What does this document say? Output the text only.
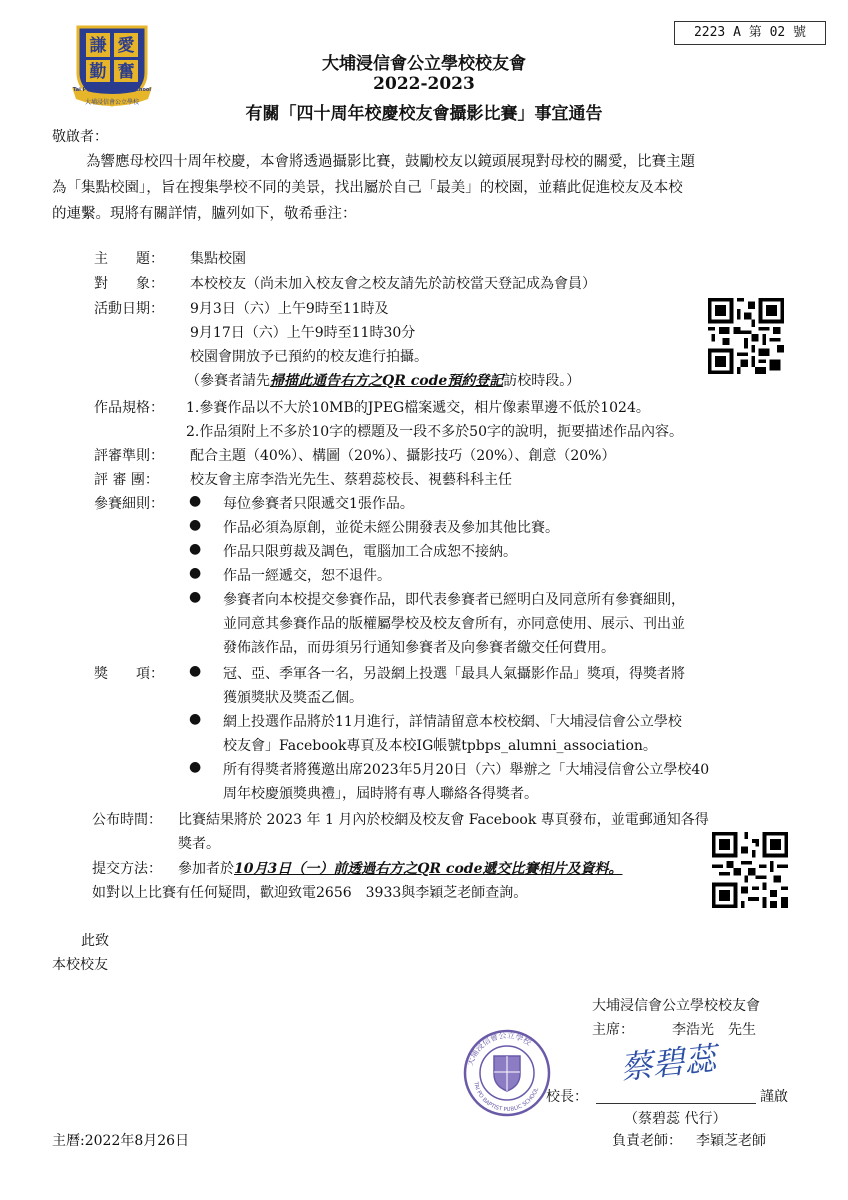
2223 A 第 02 號
謙 愛
勤 奮
Tai Po Baptist Public School
大埔浸信會公立學校
大埔浸信會公立學校校友會
2022-2023
有關「四十周年校慶校友會攝影比賽」事宜通告
敬啟者：
為響應母校四十周年校慶，本會將透過攝影比賽，鼓勵校友以鏡頭展現對母校的關愛，比賽主題
為「集點校園」，旨在搜集學校不同的美景，找出屬於自己「最美」的校園，並藉此促進校友及本校
的連繫。現將有關詳情，臚列如下，敬希垂注：
主　　題： 集點校園
對　　象： 本校校友（尚未加入校友會之校友請先於訪校當天登記成為會員）
活動日期： 9月3日（六）上午9時至11時及
9月17日（六）上午9時至11時30分
校園會開放予已預約的校友進行拍攝。
（參賽者請先掃描此通告右方之QR code預約登記訪校時段。）
作品規格： 1.參賽作品以不大於10MB的JPEG檔案遞交，相片像素單邊不低於1024。
2.作品須附上不多於10字的標題及一段不多於50字的說明，扼要描述作品內容。
評審準則： 配合主題（40%）、構圖（20%）、攝影技巧（20%）、創意（20%）
評 審 團： 校友會主席李浩光先生、蔡碧蕊校長、視藝科科主任
參賽細則： ● 每位參賽者只限遞交1張作品。
● 作品必須為原創，並從未經公開發表及參加其他比賽。
● 作品只限剪裁及調色，電腦加工合成恕不接納。
● 作品一經遞交，恕不退件。
● 參賽者向本校提交參賽作品，即代表參賽者已經明白及同意所有參賽細則，
並同意其參賽作品的版權屬學校及校友會所有，亦同意使用、展示、刊出並
發佈該作品，而毋須另行通知參賽者及向參賽者繳交任何費用。
獎　　項： ● 冠、亞、季軍各一名，另設網上投選「最具人氣攝影作品」獎項，得獎者將
獲頒獎狀及獎盃乙個。
● 網上投選作品將於11月進行，詳情請留意本校校網、「大埔浸信會公立學校
校友會」Facebook專頁及本校IG帳號tpbps_alumni_association。
● 所有得獎者將獲邀出席2023年5月20日（六）舉辦之「大埔浸信會公立學校40
周年校慶頒獎典禮」，屆時將有專人聯絡各得獎者。
公布時間： 比賽結果將於 2023 年 1 月內於校網及校友會 Facebook 專頁發布，並電郵通知各得
獎者。
提交方法： 參加者於10月3日（一）前透過右方之QR code遞交比賽相片及資料。
如對以上比賽有任何疑問，歡迎致電2656　3933與李穎芝老師查詢。
此致
本校校友
大埔浸信會公立學校校友會
主席：	李浩光　先生
大埔浸信會公立學校
TAI PO BAPTIST PUBLIC SCHOOL 校長：
蔡碧蕊
謹啟
（蔡碧蕊 代行）
負責老師： 李穎芝老師
主曆:2022年8月26日
